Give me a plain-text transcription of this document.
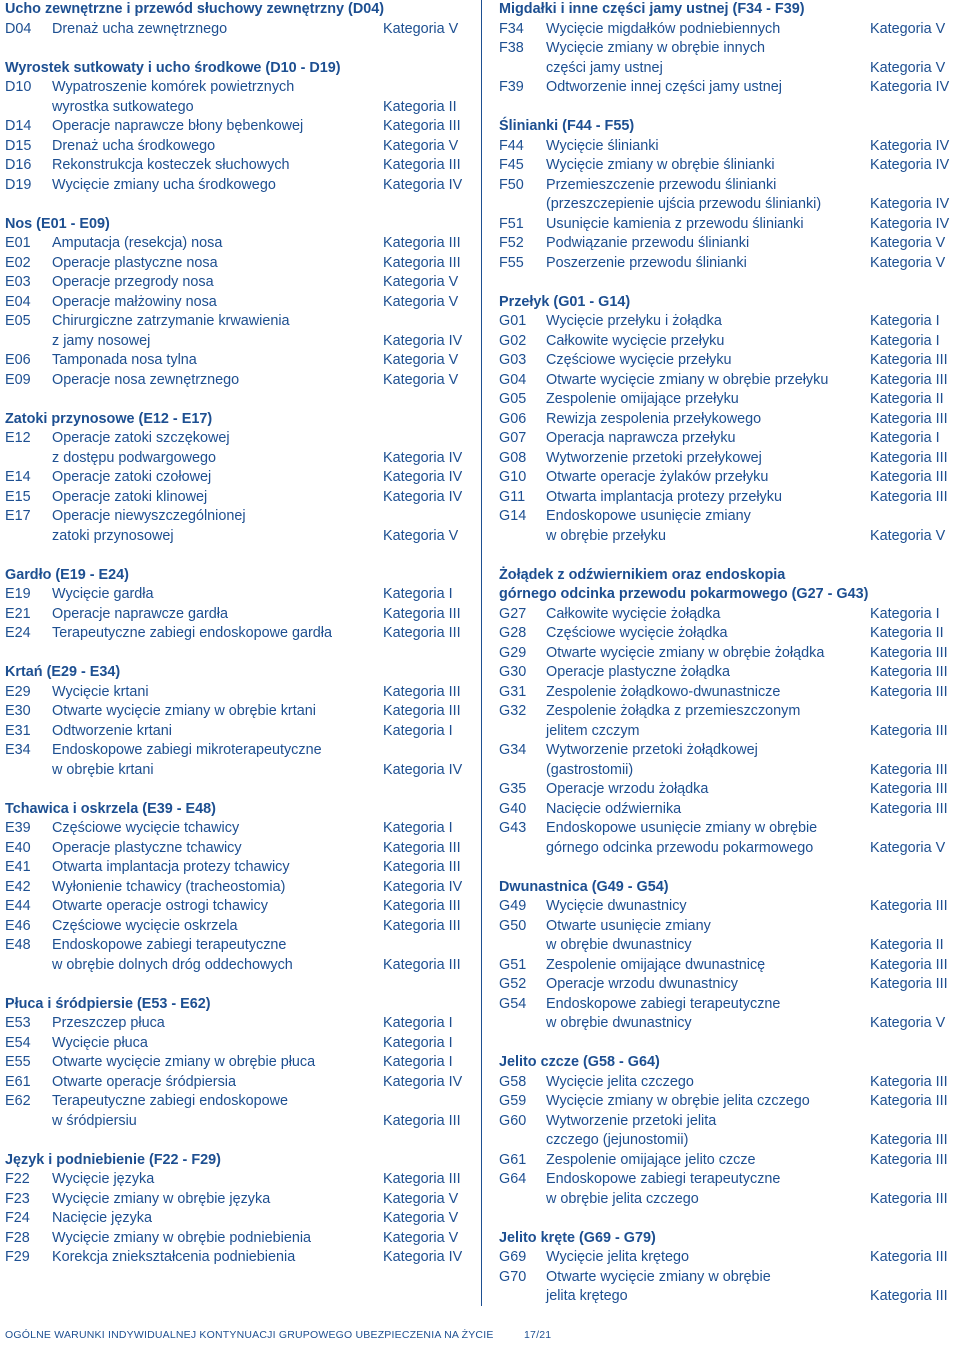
Ucho zewnętrzne i przewód słuchowy zewnętrzny (D04)
D04	Drenaż ucha zewnętrznego	Kategoria V
Wyrostek sutkowaty i ucho środkowe (D10 - D19)
D10	Wypatroszenie komórek powietrznych
wyrostka sutkowatego	Kategoria II
D14	Operacje naprawcze błony bębenkowej	Kategoria III
D15	Drenaż ucha środkowego	Kategoria V
D16	Rekonstrukcja kosteczek słuchowych	Kategoria III
D19	Wycięcie zmiany ucha środkowego	Kategoria IV
Nos (E01 - E09)
E01	Amputacja (resekcja) nosa	Kategoria III
E02	Operacje plastyczne nosa	Kategoria III
E03	Operacje przegrody nosa	Kategoria V
E04	Operacje małżowiny nosa	Kategoria V
E05	Chirurgiczne zatrzymanie krwawienia
z jamy nosowej	Kategoria IV
E06	Tamponada nosa tylna	Kategoria V
E09	Operacje nosa zewnętrznego	Kategoria V
Zatoki przynosowe (E12 - E17)
E12	Operacje zatoki szczękowej
z dostępu podwargowego	Kategoria IV
E14	Operacje zatoki czołowej	Kategoria IV
E15	Operacje zatoki klinowej	Kategoria IV
E17	Operacje niewyszczególnionej
zatoki przynosowej	Kategoria V
Gardło (E19 - E24)
E19	Wycięcie gardła	Kategoria I
E21	Operacje naprawcze gardła	Kategoria III
E24	Terapeutyczne zabiegi endoskopowe gardła	Kategoria III
Krtań (E29 - E34)
E29	Wycięcie krtani	Kategoria III
E30	Otwarte wycięcie zmiany w obrębie krtani	Kategoria III
E31	Odtworzenie krtani	Kategoria I
E34	Endoskopowe zabiegi mikroterapeutyczne
w obrębie krtani	Kategoria IV
Tchawica i oskrzela (E39 - E48)
E39	Częściowe wycięcie tchawicy	Kategoria I
E40	Operacje plastyczne tchawicy	Kategoria III
E41	Otwarta implantacja protezy tchawicy	Kategoria III
E42	Wyłonienie tchawicy (tracheostomia)	Kategoria IV
E44	Otwarte operacje ostrogi tchawicy	Kategoria III
E46	Częściowe wycięcie oskrzela	Kategoria III
E48	Endoskopowe zabiegi terapeutyczne
w obrębie dolnych dróg oddechowych	Kategoria III
Płuca i śródpiersie (E53 - E62)
E53	Przeszczep płuca	Kategoria I
E54	Wycięcie płuca	Kategoria I
E55	Otwarte wycięcie zmiany w obrębie płuca	Kategoria I
E61	Otwarte operacje śródpiersia	Kategoria IV
E62	Terapeutyczne zabiegi endoskopowe
w śródpiersiu	Kategoria III
Język i podniebienie (F22 - F29)
F22	Wycięcie języka	Kategoria III
F23	Wycięcie zmiany w obrębie języka	Kategoria V
F24	Nacięcie języka	Kategoria V
F28	Wycięcie zmiany w obrębie podniebienia	Kategoria V
F29	Korekcja zniekształcenia podniebienia	Kategoria IV
Migdałki i inne części jamy ustnej (F34 - F39)
F34	Wycięcie migdałków podniebiennych	Kategoria V
F38	Wycięcie zmiany w obrębie innych
części jamy ustnej	Kategoria V
F39	Odtworzenie innej części jamy ustnej	Kategoria IV
Ślinianki (F44 - F55)
F44	Wycięcie ślinianki	Kategoria IV
F45	Wycięcie zmiany w obrębie ślinianki	Kategoria IV
F50	Przemieszczenie przewodu ślinianki
(przeszczepienie ujścia przewodu ślinianki)	Kategoria IV
F51	Usunięcie kamienia z przewodu ślinianki	Kategoria IV
F52	Podwiązanie przewodu ślinianki	Kategoria V
F55	Poszerzenie przewodu ślinianki	Kategoria V
Przełyk (G01 - G14)
G01	Wycięcie przełyku i żołądka	Kategoria I
G02	Całkowite wycięcie przełyku	Kategoria I
G03	Częściowe wycięcie przełyku	Kategoria III
G04	Otwarte wycięcie zmiany w obrębie przełyku	Kategoria III
G05	Zespolenie omijające przełyku	Kategoria II
G06	Rewizja zespolenia przełykowego	Kategoria III
G07	Operacja naprawcza przełyku	Kategoria I
G08	Wytworzenie przetoki przełykowej	Kategoria III
G10	Otwarte operacje żylaków przełyku	Kategoria III
G11	Otwarta implantacja protezy przełyku	Kategoria III
G14	Endoskopowe usunięcie zmiany
w obrębie przełyku	Kategoria V
Żołądek z odźwiernikiem oraz endoskopia
górnego odcinka przewodu pokarmowego (G27 - G43)
G27	Całkowite wycięcie żołądka	Kategoria I
G28	Częściowe wycięcie żołądka	Kategoria II
G29	Otwarte wycięcie zmiany w obrębie żołądka	Kategoria III
G30	Operacje plastyczne żołądka	Kategoria III
G31	Zespolenie żołądkowo-dwunastnicze	Kategoria III
G32	Zespolenie żołądka z przemieszczonym
jelitem czczym	Kategoria III
G34	Wytworzenie przetoki żołądkowej
(gastrostomii)	Kategoria III
G35	Operacje wrzodu żołądka	Kategoria III
G40	Nacięcie odźwiernika	Kategoria III
G43	Endoskopowe usunięcie zmiany w obrębie
górnego odcinka przewodu pokarmowego	Kategoria V
Dwunastnica (G49 - G54)
G49	Wycięcie dwunastnicy	Kategoria III
G50	Otwarte usunięcie zmiany
w obrębie dwunastnicy	Kategoria II
G51	Zespolenie omijające dwunastnicę	Kategoria III
G52	Operacje wrzodu dwunastnicy	Kategoria III
G54	Endoskopowe zabiegi terapeutyczne
w obrębie dwunastnicy	Kategoria V
Jelito czcze (G58 - G64)
G58	Wycięcie jelita czczego	Kategoria III
G59	Wycięcie zmiany w obrębie jelita czczego	Kategoria III
G60	Wytworzenie przetoki jelita
czczego (jejunostomii)	Kategoria III
G61	Zespolenie omijające jelito czcze	Kategoria III
G64	Endoskopowe zabiegi terapeutyczne
w obrębie jelita czczego	Kategoria III
Jelito kręte (G69 - G79)
G69	Wycięcie jelita krętego	Kategoria III
G70	Otwarte wycięcie zmiany w obrębie
jelita krętego	Kategoria III
OGÓLNE WARUNKI INDYWIDUALNEJ KONTYNUACJI GRUPOWEGO UBEZPIECZENIA NA ŻYCIE	17/21
